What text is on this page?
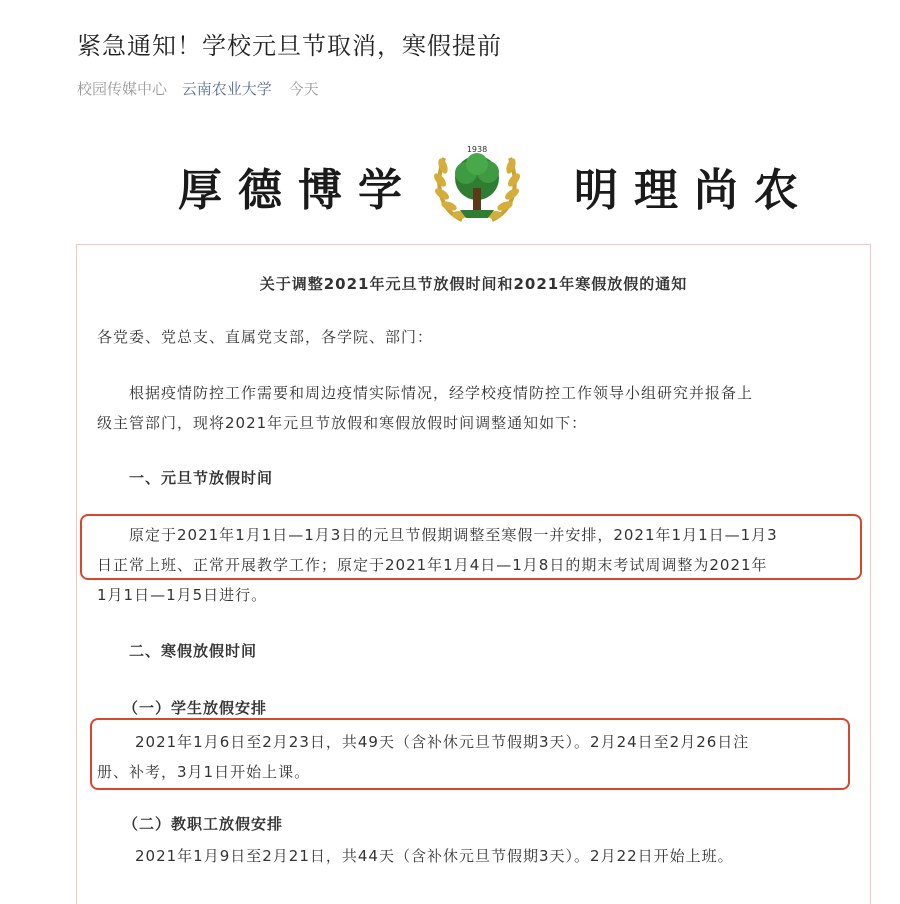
紧急通知！学校元旦节取消，寒假提前
校园传媒中心 云南农业大学 今天
厚德博学
1938
明理尚农
关于调整2021年元旦节放假时间和2021年寒假放假的通知
各党委、党总支、直属党支部，各学院、部门：
　　根据疫情防控工作需要和周边疫情实际情况，经学校疫情防控工作领导小组研究并报备上
级主管部门，现将2021年元旦节放假和寒假放假时间调整通知如下：
一、元旦节放假时间
　　原定于2021年1月1日—1月3日的元旦节假期调整至寒假一并安排，2021年1月1日—1月3
日正常上班、正常开展教学工作；原定于2021年1月4日—1月8日的期末考试周调整为2021年
1月1日—1月5日进行。
二、寒假放假时间
（一）学生放假安排
2021年1月6日至2月23日，共49天（含补休元旦节假期3天）。2月24日至2月26日注
册、补考，3月1日开始上课。
（二）教职工放假安排
2021年1月9日至2月21日，共44天（含补休元旦节假期3天）。2月22日开始上班。
